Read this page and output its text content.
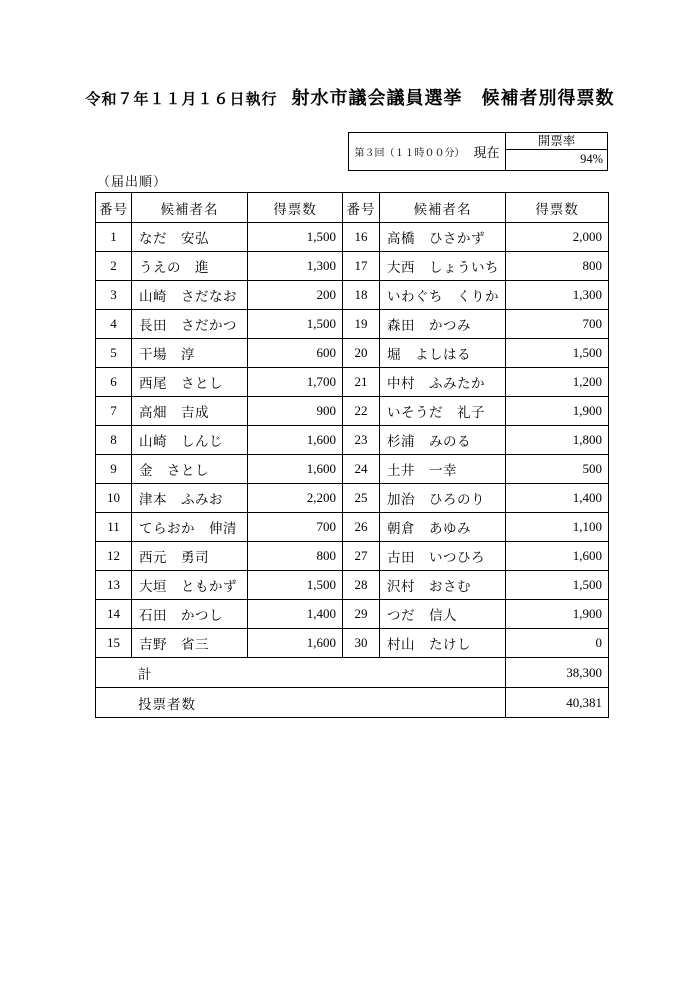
令和７年１１月１６日執行 射水市議会議員選挙　候補者別得票数
第３回（１１時００分） 現在
開票率
94%
（届出順）
番号	候補者名	得票数	番号	候補者名	得票数
1	なだ　安弘	1,500	16	高橋　ひさかず	2,000
2	うえの　進	1,300	17	大西　しょういち	800
3	山崎　さだなお	200	18	いわぐち　くりか	1,300
4	長田　さだかつ	1,500	19	森田　かつみ	700
5	干場　淳	600	20	堀　よしはる	1,500
6	西尾　さとし	1,700	21	中村　ふみたか	1,200
7	高畑　吉成	900	22	いそうだ　礼子	1,900
8	山崎　しんじ	1,600	23	杉浦　みのる	1,800
9	金　さとし	1,600	24	土井　一幸	500
10	津本　ふみお	2,200	25	加治　ひろのり	1,400
11	てらおか　伸清	700	26	朝倉　あゆみ	1,100
12	西元　勇司	800	27	古田　いつひろ	1,600
13	大垣　ともかず	1,500	28	沢村　おさむ	1,500
14	石田　かつし	1,400	29	つだ　信人	1,900
15	吉野　省三	1,600	30	村山　たけし	0
計					38,300
投票者数					40,381
